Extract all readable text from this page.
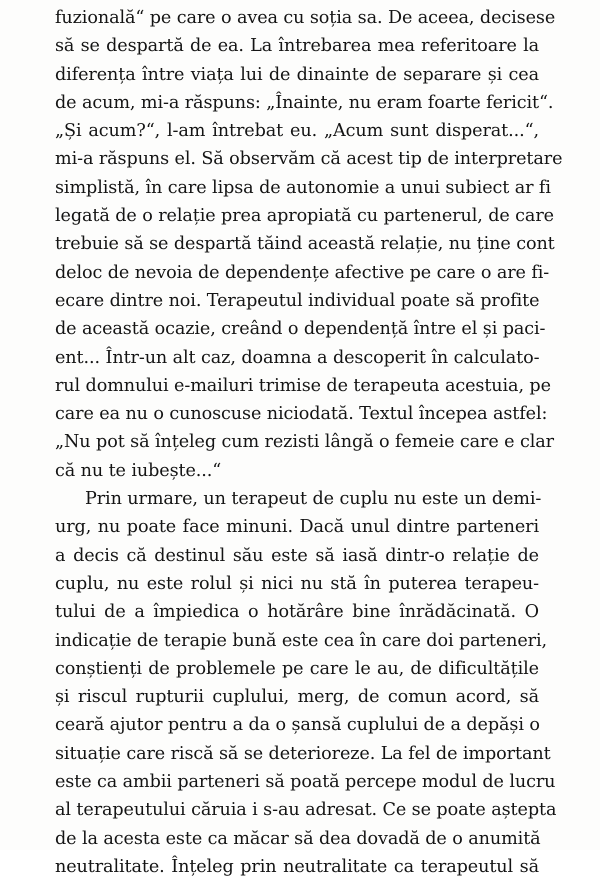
fuzională“ pe care o avea cu soția sa. De aceea, decisese
să se despartă de ea. La întrebarea mea referitoare la
diferența între viața lui de dinainte de separare și cea
de acum, mi-a răspuns: „Înainte, nu eram foarte fericit“.
„Și acum?“, l-am întrebat eu. „Acum sunt disperat...“,
mi-a răspuns el. Să observăm că acest tip de interpretare
simplistă, în care lipsa de autonomie a unui subiect ar fi
legată de o relație prea apropiată cu partenerul, de care
trebuie să se despartă tăind această relație, nu ține cont
deloc de nevoia de dependențe afective pe care o are fi-
ecare dintre noi. Terapeutul individual poate să profite
de această ocazie, creând o dependență între el și paci-
ent... Într-un alt caz, doamna a descoperit în calculato-
rul domnului e-mailuri trimise de terapeuta acestuia, pe
care ea nu o cunoscuse niciodată. Textul începea astfel:
„Nu pot să înțeleg cum rezisti lângă o femeie care e clar
că nu te iubește...“
Prin urmare, un terapeut de cuplu nu este un demi-
urg, nu poate face minuni. Dacă unul dintre parteneri
a decis că destinul său este să iasă dintr-o relație de
cuplu, nu este rolul și nici nu stă în puterea terapeu-
tului de a împiedica o hotărâre bine înrădăcinată. O
indicație de terapie bună este cea în care doi parteneri,
conștienți de problemele pe care le au, de dificultățile
și riscul rupturii cuplului, merg, de comun acord, să
ceară ajutor pentru a da o șansă cuplului de a depăși o
situație care riscă să se deterioreze. La fel de important
este ca ambii parteneri să poată percepe modul de lucru
al terapeutului căruia i s-au adresat. Ce se poate aștepta
de la acesta este ca măcar să dea dovadă de o anumită
neutralitate. Înțeleg prin neutralitate ca terapeutul să
